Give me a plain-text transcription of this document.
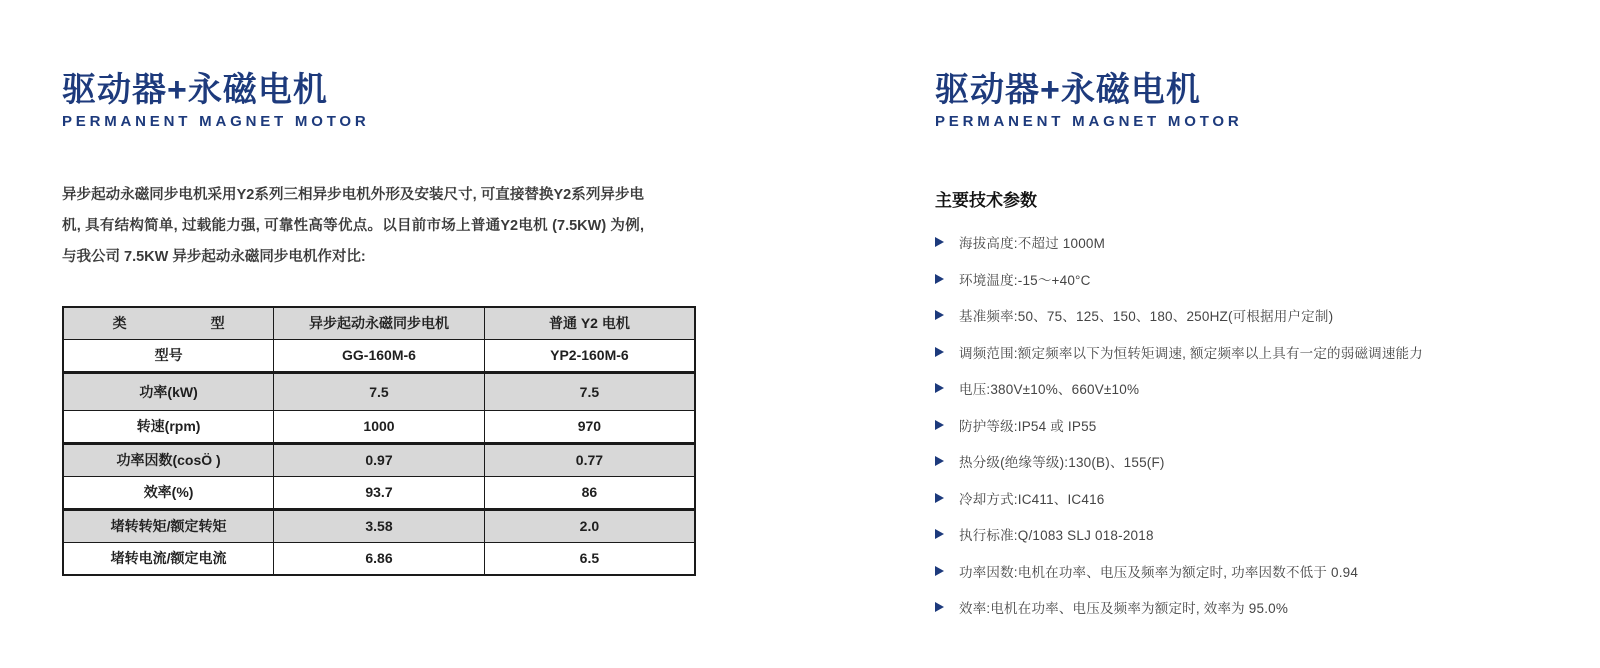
驱动器+永磁电机
PERMANENT MAGNET MOTOR

异步起动永磁同步电机采用Y2系列三相异步电机外形及安装尺寸, 可直接替换Y2系列异步电机, 具有结构简单, 过载能力强, 可靠性高等优点。以目前市场上普通Y2电机 (7.5KW) 为例, 与我公司 7.5KW 异步起动永磁同步电机作对比:

类　　　　　　型	异步起动永磁同步电机	普通 Y2 电机
型号	GG-160M-6	YP2-160M-6
功率(kW)	7.5	7.5
转速(rpm)	1000	970
功率因数(cosÖ )	0.97	0.77
效率(%)	93.7	86
堵转转矩/额定转矩	3.58	2.0
堵转电流/额定电流	6.86	6.5
驱动器+永磁电机
PERMANENT MAGNET MOTOR
主要技术参数
海拔高度:不超过 1000M
环境温度:-15～+40°C
基准频率:50、75、125、150、180、250HZ(可根据用户定制)
调频范围:额定频率以下为恒转矩调速, 额定频率以上具有一定的弱磁调速能力
电压:380V±10%、660V±10%
防护等级:IP54 或 IP55
热分级(绝缘等级):130(B)、155(F)
冷却方式:IC411、IC416
执行标准:Q/1083 SLJ 018-2018
功率因数:电机在功率、电压及频率为额定时, 功率因数不低于 0.94
效率:电机在功率、电压及频率为额定时, 效率为 95.0%
